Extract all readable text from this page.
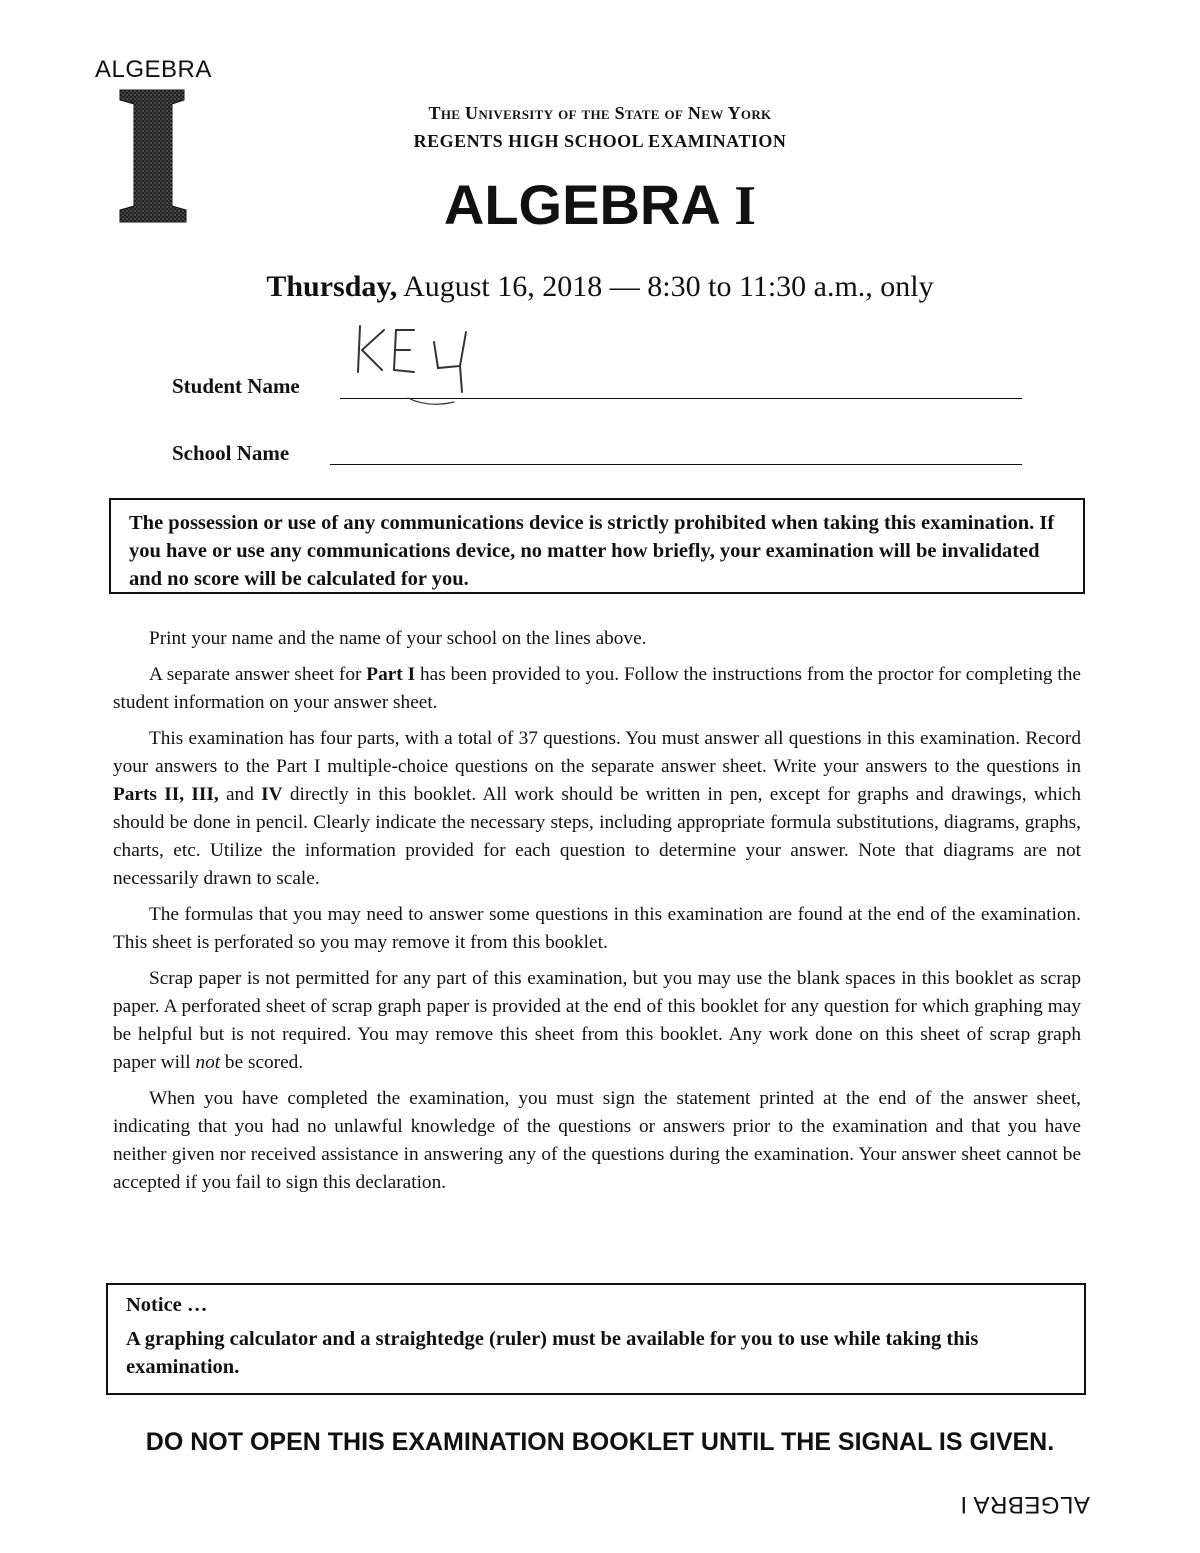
ALGEBRA
The University of the State of New York
REGENTS HIGH SCHOOL EXAMINATION
ALGEBRA I
Thursday, August 16, 2018 — 8:30 to 11:30 a.m., only
Student Name
School Name
The possession or use of any communications device is strictly prohibited when taking this examination. If you have or use any communications device, no matter how briefly, your examination will be invalidated and no score will be calculated for you.

Print your name and the name of your school on the lines above.

A separate answer sheet for Part I has been provided to you. Follow the instructions from the proctor for completing the student information on your answer sheet.

This examination has four parts, with a total of 37 questions. You must answer all questions in this examination. Record your answers to the Part I multiple-choice questions on the separate answer sheet. Write your answers to the questions in Parts II, III, and IV directly in this booklet. All work should be written in pen, except for graphs and drawings, which should be done in pencil. Clearly indicate the necessary steps, including appropriate formula substitutions, diagrams, graphs, charts, etc. Utilize the information provided for each question to determine your answer. Note that diagrams are not necessarily drawn to scale.

The formulas that you may need to answer some questions in this examination are found at the end of the examination. This sheet is perforated so you may remove it from this booklet.

Scrap paper is not permitted for any part of this examination, but you may use the blank spaces in this booklet as scrap paper. A perforated sheet of scrap graph paper is provided at the end of this booklet for any question for which graphing may be helpful but is not required. You may remove this sheet from this booklet. Any work done on this sheet of scrap graph paper will not be scored.

When you have completed the examination, you must sign the statement printed at the end of the answer sheet, indicating that you had no unlawful knowledge of the questions or answers prior to the examination and that you have neither given nor received assistance in answering any of the questions during the examination. Your answer sheet cannot be accepted if you fail to sign this declaration.

Notice …
A graphing calculator and a straightedge (ruler) must be available for you to use while taking this examination.
DO NOT OPEN THIS EXAMINATION BOOKLET UNTIL THE SIGNAL IS GIVEN.
ALGEBRA I
